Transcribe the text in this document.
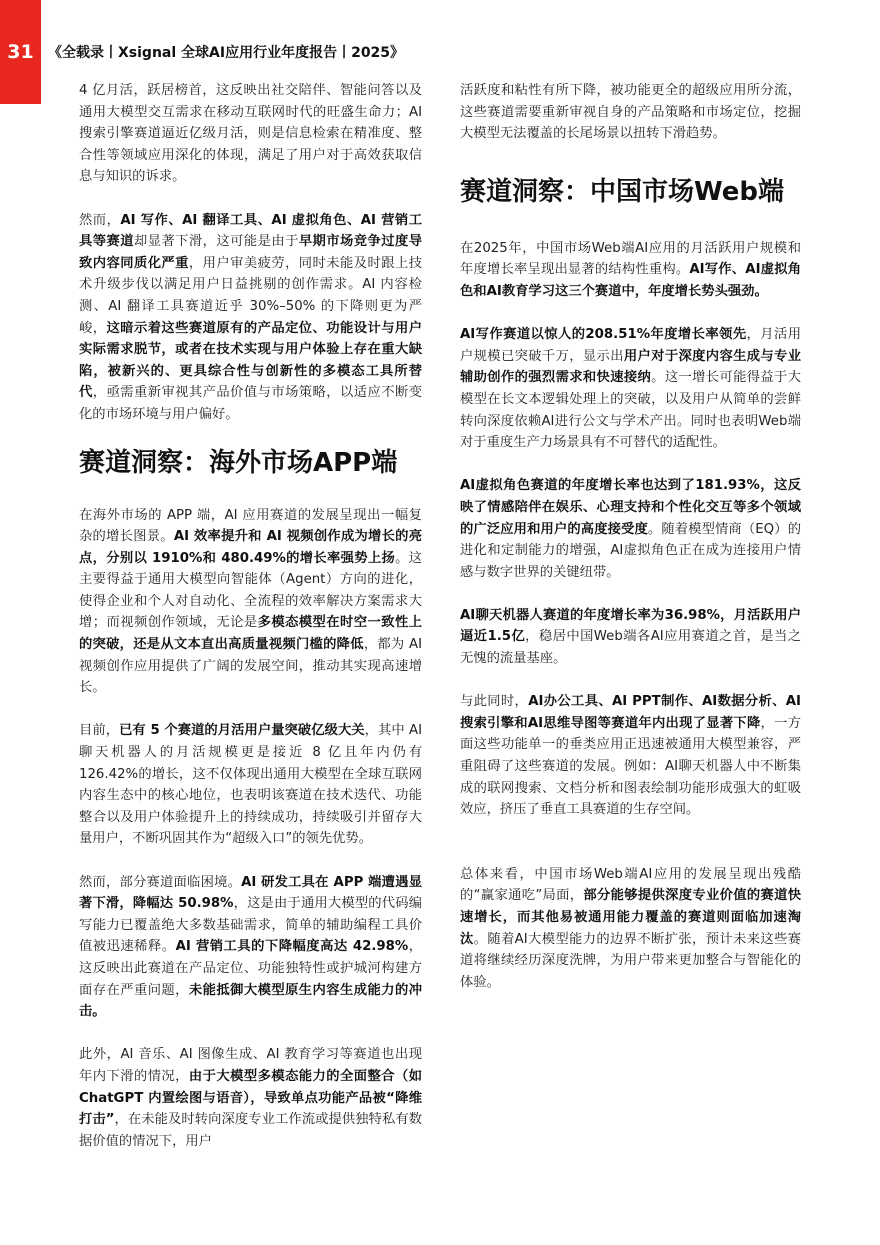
31 《全载录丨Xsignal 全球AI应用行业年度报告丨2025》

4 亿月活，跃居榜首，这反映出社交陪伴、智能问答以及通用大模型交互需求在移动互联网时代的旺盛生命力；AI 搜索引擎赛道逼近亿级月活，则是信息检索在精准度、整合性等领域应用深化的体现，满足了用户对于高效获取信息与知识的诉求。

然而，AI 写作、AI 翻译工具、AI 虚拟角色、AI 营销工具等赛道却显著下滑，这可能是由于早期市场竞争过度导致内容同质化严重，用户审美疲劳，同时未能及时跟上技术升级步伐以满足用户日益挑剔的创作需求。AI 内容检测、AI 翻译工具赛道近乎 30%–50% 的下降则更为严峻，这暗示着这些赛道原有的产品定位、功能设计与用户实际需求脱节，或者在技术实现与用户体验上存在重大缺陷，被新兴的、更具综合性与创新性的多模态工具所替代，亟需重新审视其产品价值与市场策略，以适应不断变化的市场环境与用户偏好。

赛道洞察：海外市场APP端

在海外市场的 APP 端，AI 应用赛道的发展呈现出一幅复杂的增长图景。AI 效率提升和 AI 视频创作成为增长的亮点，分别以 1910%和 480.49%的增长率强势上扬。这主要得益于通用大模型向智能体（Agent）方向的进化，使得企业和个人对自动化、全流程的效率解决方案需求大增；而视频创作领域，无论是多模态模型在时空一致性上的突破，还是从文本直出高质量视频门槛的降低，都为 AI 视频创作应用提供了广阔的发展空间，推动其实现高速增长。

目前，已有 5 个赛道的月活用户量突破亿级大关，其中 AI 聊天机器人的月活规模更是接近 8 亿且年内仍有 126.42%的增长，这不仅体现出通用大模型在全球互联网内容生态中的核心地位，也表明该赛道在技术迭代、功能整合以及用户体验提升上的持续成功，持续吸引并留存大量用户，不断巩固其作为“超级入口”的领先优势。

然而，部分赛道面临困境。AI 研发工具在 APP 端遭遇显著下滑，降幅达 50.98%，这是由于通用大模型的代码编写能力已覆盖绝大多数基础需求，简单的辅助编程工具价值被迅速稀释。AI 营销工具的下降幅度高达 42.98%，这反映出此赛道在产品定位、功能独特性或护城河构建方面存在严重问题，未能抵御大模型原生内容生成能力的冲击。

此外，AI 音乐、AI 图像生成、AI 教育学习等赛道也出现年内下滑的情况，由于大模型多模态能力的全面整合（如 ChatGPT 内置绘图与语音），导致单点功能产品被“降维打击”，在未能及时转向深度专业工作流或提供独特私有数据价值的情况下，用户

活跃度和粘性有所下降，被功能更全的超级应用所分流，这些赛道需要重新审视自身的产品策略和市场定位，挖掘大模型无法覆盖的长尾场景以扭转下滑趋势。

赛道洞察：中国市场Web端

在2025年，中国市场Web端AI应用的月活跃用户规模和年度增长率呈现出显著的结构性重构。AI写作、AI虚拟角色和AI教育学习这三个赛道中，年度增长势头强劲。

AI写作赛道以惊人的208.51%年度增长率领先，月活用户规模已突破千万，显示出用户对于深度内容生成与专业辅助创作的强烈需求和快速接纳。这一增长可能得益于大模型在长文本逻辑处理上的突破，以及用户从简单的尝鲜转向深度依赖AI进行公文与学术产出。同时也表明Web端对于重度生产力场景具有不可替代的适配性。

AI虚拟角色赛道的年度增长率也达到了181.93%，这反映了情感陪伴在娱乐、心理支持和个性化交互等多个领域的广泛应用和用户的高度接受度。随着模型情商（EQ）的进化和定制能力的增强，AI虚拟角色正在成为连接用户情感与数字世界的关键纽带。

AI聊天机器人赛道的年度增长率为36.98%，月活跃用户逼近1.5亿，稳居中国Web端各AI应用赛道之首，是当之无愧的流量基座。

与此同时，AI办公工具、AI PPT制作、AI数据分析、AI搜索引擎和AI思维导图等赛道年内出现了显著下降，一方面这些功能单一的垂类应用正迅速被通用大模型兼容，严重阻碍了这些赛道的发展。例如：AI聊天机器人中不断集成的联网搜索、文档分析和图表绘制功能形成强大的虹吸效应，挤压了垂直工具赛道的生存空间。

总体来看，中国市场Web端AI应用的发展呈现出残酷的“赢家通吃”局面，部分能够提供深度专业价值的赛道快速增长，而其他易被通用能力覆盖的赛道则面临加速淘汰。随着AI大模型能力的边界不断扩张，预计未来这些赛道将继续经历深度洗牌，为用户带来更加整合与智能化的体验。
